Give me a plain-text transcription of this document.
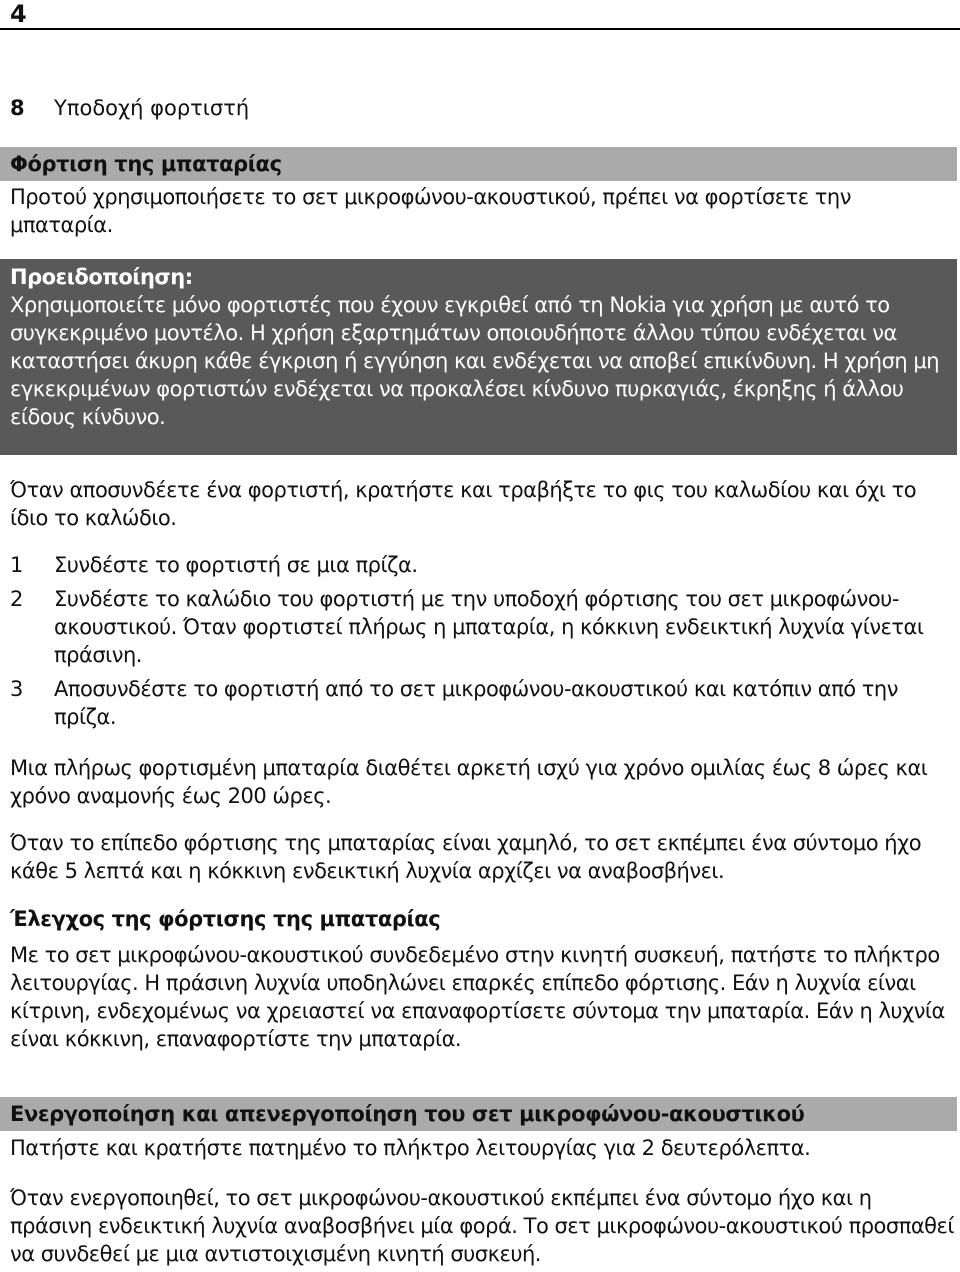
4
8 Υποδοχή φορτιστή
Φόρτιση της μπαταρίας
Προτού χρησιμοποιήσετε το σετ μικροφώνου-ακουστικού, πρέπει να φορτίσετε την μπαταρία.
Προειδοποίηση:
Χρησιμοποιείτε μόνο φορτιστές που έχουν εγκριθεί από τη Nokia για χρήση με αυτό το συγκεκριμένο μοντέλο. Η χρήση εξαρτημάτων οποιουδήποτε άλλου τύπου ενδέχεται να καταστήσει άκυρη κάθε έγκριση ή εγγύηση και ενδέχεται να αποβεί επικίνδυνη. Η χρήση μη εγκεκριμένων φορτιστών ενδέχεται να προκαλέσει κίνδυνο πυρκαγιάς, έκρηξης ή άλλου είδους κίνδυνο.
Όταν αποσυνδέετε ένα φορτιστή, κρατήστε και τραβήξτε το φις του καλωδίου και όχι το ίδιο το καλώδιο.
1	Συνδέστε το φορτιστή σε μια πρίζα.
2	Συνδέστε το καλώδιο του φορτιστή με την υποδοχή φόρτισης του σετ μικροφώνου-ακουστικού. Όταν φορτιστεί πλήρως η μπαταρία, η κόκκινη ενδεικτική λυχνία γίνεται πράσινη.
3	Αποσυνδέστε το φορτιστή από το σετ μικροφώνου-ακουστικού και κατόπιν από την πρίζα.
Μια πλήρως φορτισμένη μπαταρία διαθέτει αρκετή ισχύ για χρόνο ομιλίας έως 8 ώρες και χρόνο αναμονής έως 200 ώρες.
Όταν το επίπεδο φόρτισης της μπαταρίας είναι χαμηλό, το σετ εκπέμπει ένα σύντομο ήχο κάθε 5 λεπτά και η κόκκινη ενδεικτική λυχνία αρχίζει να αναβοσβήνει.
Έλεγχος της φόρτισης της μπαταρίας
Με το σετ μικροφώνου-ακουστικού συνδεδεμένο στην κινητή συσκευή, πατήστε το πλήκτρο λειτουργίας. Η πράσινη λυχνία υποδηλώνει επαρκές επίπεδο φόρτισης. Εάν η λυχνία είναι κίτρινη, ενδεχομένως να χρειαστεί να επαναφορτίσετε σύντομα την μπαταρία. Εάν η λυχνία είναι κόκκινη, επαναφορτίστε την μπαταρία.
Ενεργοποίηση και απενεργοποίηση του σετ μικροφώνου-ακουστικού
Πατήστε και κρατήστε πατημένο το πλήκτρο λειτουργίας για 2 δευτερόλεπτα.
Όταν ενεργοποιηθεί, το σετ μικροφώνου-ακουστικού εκπέμπει ένα σύντομο ήχο και η πράσινη ενδεικτική λυχνία αναβοσβήνει μία φορά. Το σετ μικροφώνου-ακουστικού προσπαθεί να συνδεθεί με μια αντιστοιχισμένη κινητή συσκευή.
